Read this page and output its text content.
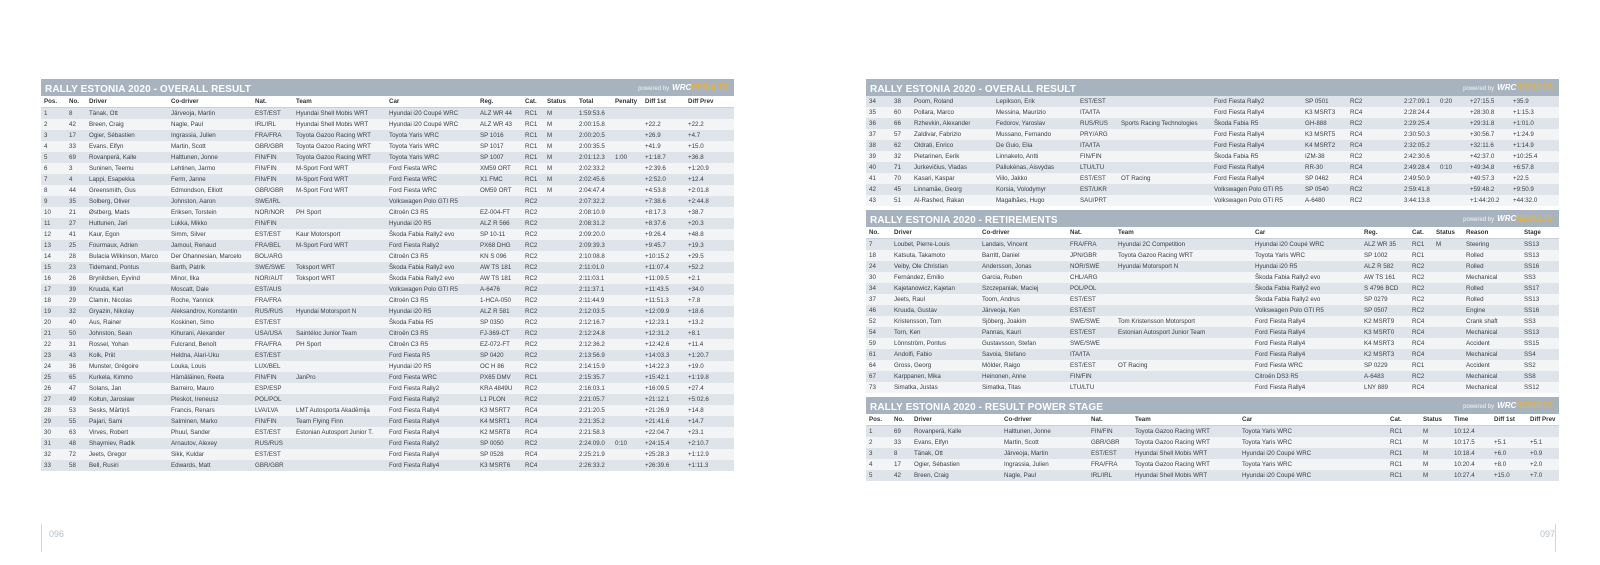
RALLY ESTONIA 2020 - OVERALL RESULT	powered by WRCRESULTS
Pos.	No.	Driver	Co-driver	Nat.	Team	Car	Reg.	Cat.	Status	Total	Penalty	Diff 1st	Diff Prev
1	8	Tänak, Ott	Järveoja, Martin	EST/EST	Hyundai Shell Mobis WRT	Hyundai i20 Coupé WRC	ALZ WR 44	RC1	M	1:59:53.6			
2	42	Breen, Craig	Nagle, Paul	IRL/IRL	Hyundai Shell Mobis WRT	Hyundai i20 Coupé WRC	ALZ WR 43	RC1	M	2:00:15.8		+22.2	+22.2
3	17	Ogier, Sébastien	Ingrassia, Julien	FRA/FRA	Toyota Gazoo Racing WRT	Toyota Yaris WRC	SP 1016	RC1	M	2:00:20.5		+26.9	+4.7
4	33	Evans, Elfyn	Martin, Scott	GBR/GBR	Toyota Gazoo Racing WRT	Toyota Yaris WRC	SP 1017	RC1	M	2:00:35.5		+41.9	+15.0
5	69	Rovanperä, Kalle	Halttunen, Jonne	FIN/FIN	Toyota Gazoo Racing WRT	Toyota Yaris WRC	SP 1007	RC1	M	2:01:12.3	1:00	+1:18.7	+36.8
6	3	Suninen, Teemu	Lehtinen, Jarmo	FIN/FIN	M-Sport Ford WRT	Ford Fiesta WRC	XM59 ORT	RC1	M	2:02:33.2		+2:39.6	+1:20.9
7	4	Lappi, Esapekka	Ferm, Janne	FIN/FIN	M-Sport Ford WRT	Ford Fiesta WRC	X1 FMC	RC1	M	2:02:45.6		+2:52.0	+12.4
8	44	Greensmith, Gus	Edmondson, Elliott	GBR/GBR	M-Sport Ford WRT	Ford Fiesta WRC	OM59 ORT	RC1	M	2:04:47.4		+4:53.8	+2:01.8
9	35	Solberg, Oliver	Johnston, Aaron	SWE/IRL		Volkswagen Polo GTI R5		RC2		2:07:32.2		+7:38.6	+2:44.8
10	21	Østberg, Mads	Eriksen, Torstein	NOR/NOR	PH Sport	Citroën C3 R5	EZ-004-FT	RC2		2:08:10.9		+8:17.3	+38.7
11	27	Huttunen, Jari	Lukka, Mikko	FIN/FIN		Hyundai i20 R5	ALZ R 566	RC2		2:08:31.2		+8:37.6	+20.3
12	41	Kaur, Egon	Simm, Silver	EST/EST	Kaur Motorsport	Škoda Fabia Rally2 evo	SP 10-11	RC2		2:09:20.0		+9:26.4	+48.8
13	25	Fourmaux, Adrien	Jamoul, Renaud	FRA/BEL	M-Sport Ford WRT	Ford Fiesta Rally2	PX68 DHG	RC2		2:09:39.3		+9:45.7	+19.3
14	28	Bulacia Wilkinson, Marco	Der Ohannesian, Marcelo	BOL/ARG		Citroën C3 R5	KN S 096	RC2		2:10:08.8		+10:15.2	+29.5
15	23	Tidemand, Pontus	Barth, Patrik	SWE/SWE	Toksport WRT	Škoda Fabia Rally2 evo	AW TS 181	RC2		2:11:01.0		+11:07.4	+52.2
16	26	Brynildsen, Eyvind	Minor, Ilka	NOR/AUT	Toksport WRT	Škoda Fabia Rally2 evo	AW TS 181	RC2		2:11:03.1		+11:09.5	+2.1
17	39	Kruuda, Karl	Moscatt, Dale	EST/AUS		Volkswagen Polo GTI R5	A-6476	RC2		2:11:37.1		+11:43.5	+34.0
18	29	Clamin, Nicolas	Roche, Yannick	FRA/FRA		Citroën C3 R5	1-HCA-050	RC2		2:11:44.9		+11:51.3	+7.8
19	32	Gryazin, Nikolay	Aleksandrov, Konstantin	RUS/RUS	Hyundai Motorsport N	Hyundai i20 R5	ALZ R 581	RC2		2:12:03.5		+12:09.9	+18.6
20	40	Aus, Rainer	Koskinen, Simo	EST/EST		Škoda Fabia R5	SP 0350	RC2		2:12:16.7		+12:23.1	+13.2
21	50	Johnston, Sean	Kihurani, Alexander	USA/USA	Saintéloc Junior Team	Citroën C3 R5	FJ-369-CT	RC2		2:12:24.8		+12:31.2	+8.1
22	31	Rossel, Yohan	Fulcrand, Benoît	FRA/FRA	PH Sport	Citroën C3 R5	EZ-072-FT	RC2		2:12:36.2		+12:42.6	+11.4
23	43	Kolk, Priit	Heldna, Alari-Uku	EST/EST		Ford Fiesta R5	SP 0420	RC2		2:13:56.9		+14:03.3	+1:20.7
24	36	Munster, Grégoire	Louka, Louis	LUX/BEL		Hyundai i20 R5	OC H 86	RC2		2:14:15.9		+14:22.3	+19.0
25	65	Kurkela, Kimmo	Hämäläinen, Reeta	FIN/FIN	JanPro	Ford Fiesta WRC	PX65 DMV	RC1		2:15:35.7		+15:42.1	+1:19.8
26	47	Solans, Jan	Barreiro, Mauro	ESP/ESP		Ford Fiesta Rally2	KRA 4849U	RC2		2:16:03.1		+16:09.5	+27.4
27	49	Kołtun, Jarosław	Pleskot, Ireneusz	POL/POL		Ford Fiesta Rally2	L1 PLON	RC2		2:21:05.7		+21:12.1	+5:02.6
28	53	Sesks, Mārtiņš	Francis, Renars	LVA/LVA	LMT Autosporta Akadēmija	Ford Fiesta Rally4	K3 MSRT7	RC4		2:21:20.5		+21:26.9	+14.8
29	55	Pajari, Sami	Salminen, Marko	FIN/FIN	Team Flying Finn	Ford Fiesta Rally4	K4 MSRT1	RC4		2:21:35.2		+21:41.6	+14.7
30	63	Virves, Robert	Phuul, Sander	EST/EST	Estonian Autosport Junior T.	Ford Fiesta Rally4	K2 MSRT8	RC4		2:21:58.3		+22:04.7	+23.1
31	48	Shaymiev, Radik	Arnautov, Alexey	RUS/RUS		Ford Fiesta Rally2	SP 0050	RC2		2:24:09.0	0:10	+24:15.4	+2:10.7
32	72	Jeets, Gregor	Sikk, Kuldar	EST/EST		Ford Fiesta Rally4	SP 0528	RC4		2:25:21.9		+25:28.3	+1:12.9
33	58	Bell, Rusiri	Edwards, Matt	GBR/GBR		Ford Fiesta Rally4	K3 MSRT6	RC4		2:26:33.2		+26:39.6	+1:11.3
RALLY ESTONIA 2020 - OVERALL RESULT	powered by WRCRESULTS
34	38	Poom, Roland	Lepikson, Erik	EST/EST		Ford Fiesta Rally2	SP 0501	RC2		2:27:09.1	0:20	+27:15.5	+35.9
35	60	Pollara, Marco	Messina, Maurizio	ITA/ITA		Ford Fiesta Rally4	K3 MSRT3	RC4		2:28:24.4		+28:30.8	+1:15.3
36	66	Rzhevkin, Alexander	Fedorov, Yaroslav	RUS/RUS	Sports Racing Technologies	Škoda Fabia R5	GH-888	RC2		2:29:25.4		+29:31.8	+1:01.0
37	57	Zaldivar, Fabrizio	Mussano, Fernando	PRY/ARG		Ford Fiesta Rally4	K3 MSRT5	RC4		2:30:50.3		+30:56.7	+1:24.9
38	62	Oldrati, Enrico	De Guio, Elia	ITA/ITA		Ford Fiesta Rally4	K4 MSRT2	RC4		2:32:05.2		+32:11.6	+1:14.9
39	32	Pietarinen, Eerik	Linnaketo, Antti	FIN/FIN		Škoda Fabia R5	IZM-38	RC2		2:42:30.6		+42:37.0	+10:25.4
40	71	Jurkevičius, Vladas	Paliukėnas, Aisvydas	LTU/LTU		Ford Fiesta Rally4	RR-30	RC4		2:49:28.4	0:10	+49:34.8	+6:57.8
41	70	Kasari, Kaspar	Viilo, Jakko	EST/EST	OT Racing	Ford Fiesta Rally4	SP 0462	RC4		2:49:50.9		+49:57.3	+22.5
42	45	Linnamäe, Georg	Korsia, Volodymyr	EST/UKR		Volkswagen Polo GTI R5	SP 0540	RC2		2:59:41.8		+59:48.2	+9:50.9
43	51	Al-Rashed, Rakan	Magalhães, Hugo	SAU/PRT		Volkswagen Polo GTI R5	A-6480	RC2		3:44:13.8		+1:44:20.2	+44:32.0
RALLY ESTONIA 2020 - RETIREMENTS	powered by WRCRESULTS
No.	Driver	Co-driver	Nat.	Team	Car	Reg.	Cat.	Status	Reason	Stage
7	Loubet, Pierre-Louis	Landais, Vincent	FRA/FRA	Hyundai 2C Competition	Hyundai i20 Coupé WRC	ALZ WR 35	RC1	M	Steering	SS13
18	Katsuta, Takamoto	Barritt, Daniel	JPN/GBR	Toyota Gazoo Racing WRT	Toyota Yaris WRC	SP 1002	RC1		Rolled	SS13
24	Veiby, Ole Christian	Andersson, Jonas	NOR/SWE	Hyundai Motorsport N	Hyundai i20 R5	ALZ R 582	RC2		Rolled	SS16
30	Fernández, Emilio	Garcia, Ruben	CHL/ARG		Škoda Fabia Rally2 evo	AW TS 161	RC2		Mechanical	SS3
34	Kajetanowicz, Kajetan	Szczepaniak, Maciej	POL/POL		Škoda Fabia Rally2 evo	S 4796 BCD	RC2		Rolled	SS17
37	Jeets, Raul	Toom, Andrus	EST/EST		Škoda Fabia Rally2 evo	SP 0279	RC2		Rolled	SS13
46	Kruuda, Gustav	Järveoja, Ken	EST/EST		Volkswagen Polo GTI R5	SP 0507	RC2		Engine	SS16
52	Kristensson, Tom	Sjöberg, Joakim	SWE/SWE	Tom Kristensson Motorsport	Ford Fiesta Rally4	K2 MSRT9	RC4		Crank shaft	SS3
54	Torn, Ken	Pannas, Kauri	EST/EST	Estonian Autosport Junior Team	Ford Fiesta Rally4	K3 MSRT0	RC4		Mechanical	SS13
59	Lönnström, Pontus	Gustavsson, Stefan	SWE/SWE		Ford Fiesta Rally4	K4 MSRT3	RC4		Accident	SS15
61	Andolfi, Fabio	Savoia, Stefano	ITA/ITA		Ford Fiesta Rally4	K2 MSRT3	RC4		Mechanical	SS4
64	Gross, Georg	Mölder, Raigo	EST/EST	OT Racing	Ford Fiesta WRC	SP 0229	RC1		Accident	SS2
67	Karppanen, Mika	Heinonen, Anne	FIN/FIN		Citroën DS3 R5	A-6483	RC2		Mechanical	SS8
73	Simatka, Justas	Simatka, Titas	LTU/LTU		Ford Fiesta Rally4	LNY 889	RC4		Mechanical	SS12
RALLY ESTONIA 2020 - RESULT POWER STAGE	powered by WRCRESULTS
Pos.	No.	Driver	Co-driver	Nat.	Team	Car	Cat.	Status	Time	Diff 1st	Diff Prev
1	69	Rovanperä, Kalle	Halttunen, Jonne	FIN/FIN	Toyota Gazoo Racing WRT	Toyota Yaris WRC	RC1	M	10:12.4		
2	33	Evans, Elfyn	Martin, Scott	GBR/GBR	Toyota Gazoo Racing WRT	Toyota Yaris WRC	RC1	M	10:17.5	+5.1	+5.1
3	8	Tänak, Ott	Järveoja, Martin	EST/EST	Hyundai Shell Mobis WRT	Hyundai i20 Coupé WRC	RC1	M	10:18.4	+6.0	+0.9
4	17	Ogier, Sébastien	Ingrassia, Julien	FRA/FRA	Toyota Gazoo Racing WRT	Toyota Yaris WRC	RC1	M	10:20.4	+8.0	+2.0
5	42	Breen, Craig	Nagle, Paul	IRL/IRL	Hyundai Shell Mobis WRT	Hyundai i20 Coupé WRC	RC1	M	10:27.4	+15.0	+7.0
096	097
